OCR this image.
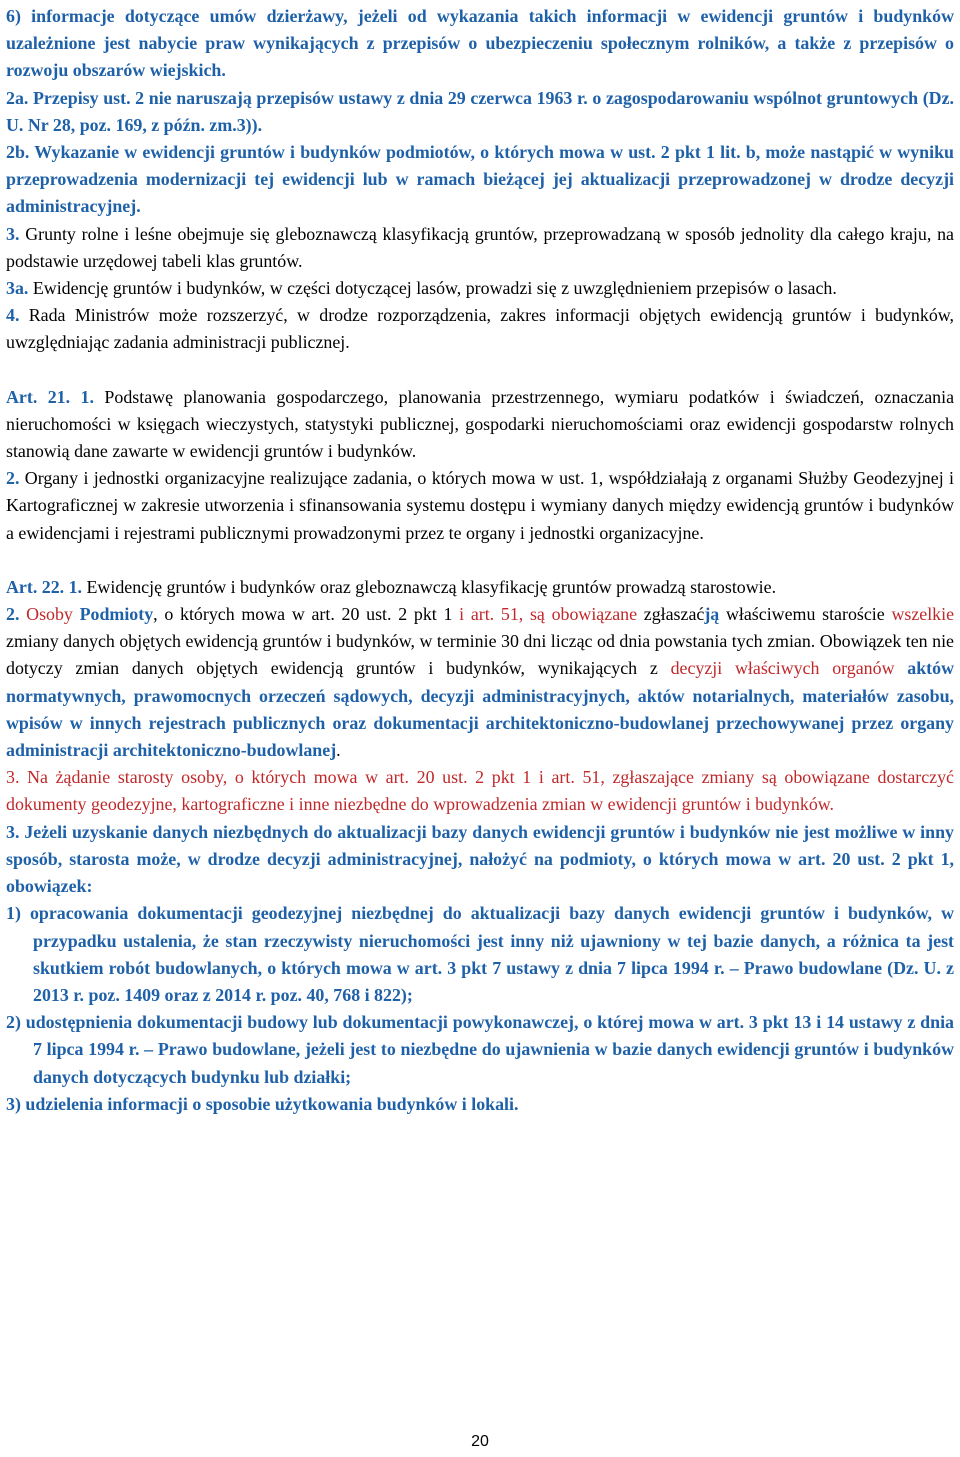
6) informacje dotyczące umów dzierżawy, jeżeli od wykazania takich informacji w ewidencji gruntów i budynków uzależnione jest nabycie praw wynikających z przepisów o ubezpieczeniu społecznym rolników, a także z przepisów o rozwoju obszarów wiejskich.

2a. Przepisy ust. 2 nie naruszają przepisów ustawy z dnia 29 czerwca 1963 r. o zagospodarowaniu wspólnot gruntowych (Dz. U. Nr 28, poz. 169, z późn. zm.3)).

2b. Wykazanie w ewidencji gruntów i budynków podmiotów, o których mowa w ust. 2 pkt 1 lit. b, może nastąpić w wyniku przeprowadzenia modernizacji tej ewidencji lub w ramach bieżącej jej aktualizacji przeprowadzonej w drodze decyzji administracyjnej.

3. Grunty rolne i leśne obejmuje się gleboznawczą klasyfikacją gruntów, przeprowadzaną w sposób jednolity dla całego kraju, na podstawie urzędowej tabeli klas gruntów.

3a. Ewidencję gruntów i budynków, w części dotyczącej lasów, prowadzi się z uwzględnieniem przepisów o lasach.

4. Rada Ministrów może rozszerzyć, w drodze rozporządzenia, zakres informacji objętych ewidencją gruntów i budynków, uwzględniając zadania administracji publicznej.

Art. 21. 1. Podstawę planowania gospodarczego, planowania przestrzennego, wymiaru podatków i świadczeń, oznaczania nieruchomości w księgach wieczystych, statystyki publicznej, gospodarki nieruchomościami oraz ewidencji gospodarstw rolnych stanowią dane zawarte w ewidencji gruntów i budynków.

2. Organy i jednostki organizacyjne realizujące zadania, o których mowa w ust. 1, współdziałają z organami Służby Geodezyjnej i Kartograficznej w zakresie utworzenia i sfinansowania systemu dostępu i wymiany danych między ewidencją gruntów i budynków a ewidencjami i rejestrami publicznymi prowadzonymi przez te organy i jednostki organizacyjne.

Art. 22. 1. Ewidencję gruntów i budynków oraz gleboznawczą klasyfikację gruntów prowadzą starostowie.

2. Osoby Podmioty, o których mowa w art. 20 ust. 2 pkt 1 i art. 51, są obowiązane zgłaszaćją właściwemu staroście wszelkie zmiany danych objętych ewidencją gruntów i budynków, w terminie 30 dni licząc od dnia powstania tych zmian. Obowiązek ten nie dotyczy zmian danych objętych ewidencją gruntów i budynków, wynikających z decyzji właściwych organów aktów normatywnych, prawomocnych orzeczeń sądowych, decyzji administracyjnych, aktów notarialnych, materiałów zasobu, wpisów w innych rejestrach publicznych oraz dokumentacji architektoniczno-budowlanej przechowywanej przez organy administracji architektoniczno-budowlanej.

3. Na żądanie starosty osoby, o których mowa w art. 20 ust. 2 pkt 1 i art. 51, zgłaszające zmiany są obowiązane dostarczyć dokumenty geodezyjne, kartograficzne i inne niezbędne do wprowadzenia zmian w ewidencji gruntów i budynków.

3. Jeżeli uzyskanie danych niezbędnych do aktualizacji bazy danych ewidencji gruntów i budynków nie jest możliwe w inny sposób, starosta może, w drodze decyzji administracyjnej, nałożyć na podmioty, o których mowa w art. 20 ust. 2 pkt 1, obowiązek:

1) opracowania dokumentacji geodezyjnej niezbędnej do aktualizacji bazy danych ewidencji gruntów i budynków, w przypadku ustalenia, że stan rzeczywisty nieruchomości jest inny niż ujawniony w tej bazie danych, a różnica ta jest skutkiem robót budowlanych, o których mowa w art. 3 pkt 7 ustawy z dnia 7 lipca 1994 r. – Prawo budowlane (Dz. U. z 2013 r. poz. 1409 oraz z 2014 r. poz. 40, 768 i 822);

2) udostępnienia dokumentacji budowy lub dokumentacji powykonawczej, o której mowa w art. 3 pkt 13 i 14 ustawy z dnia 7 lipca 1994 r. – Prawo budowlane, jeżeli jest to niezbędne do ujawnienia w bazie danych ewidencji gruntów i budynków danych dotyczących budynku lub działki;

3) udzielenia informacji o sposobie użytkowania budynków i lokali.

20
